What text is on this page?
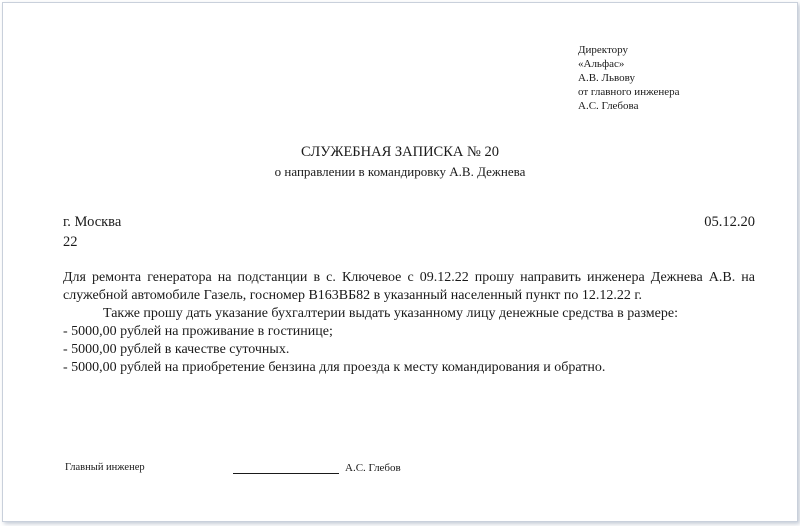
Директору
«Альфас»
А.В. Львову
от главного инженера
А.С. Глебова
СЛУЖЕБНАЯ ЗАПИСКА № 20
о направлении в командировку А.В. Дежнева
г. Москва
22
05.12.20
Для ремонта генератора на подстанции в с. Ключевое с 09.12.22 прошу направить инженера Дежнева А.В. на служебной автомобиле Газель, госномер В163ВБ82 в указанный населенный пункт по 12.12.22 г.
Также прошу дать указание бухгалтерии выдать указанному лицу денежные средства в размере:
- 5000,00 рублей на проживание в гостинице;
- 5000,00 рублей в качестве суточных.
- 5000,00 рублей на приобретение бензина для проезда к месту командирования и обратно.
Главный инженер	А.С. Глебов
